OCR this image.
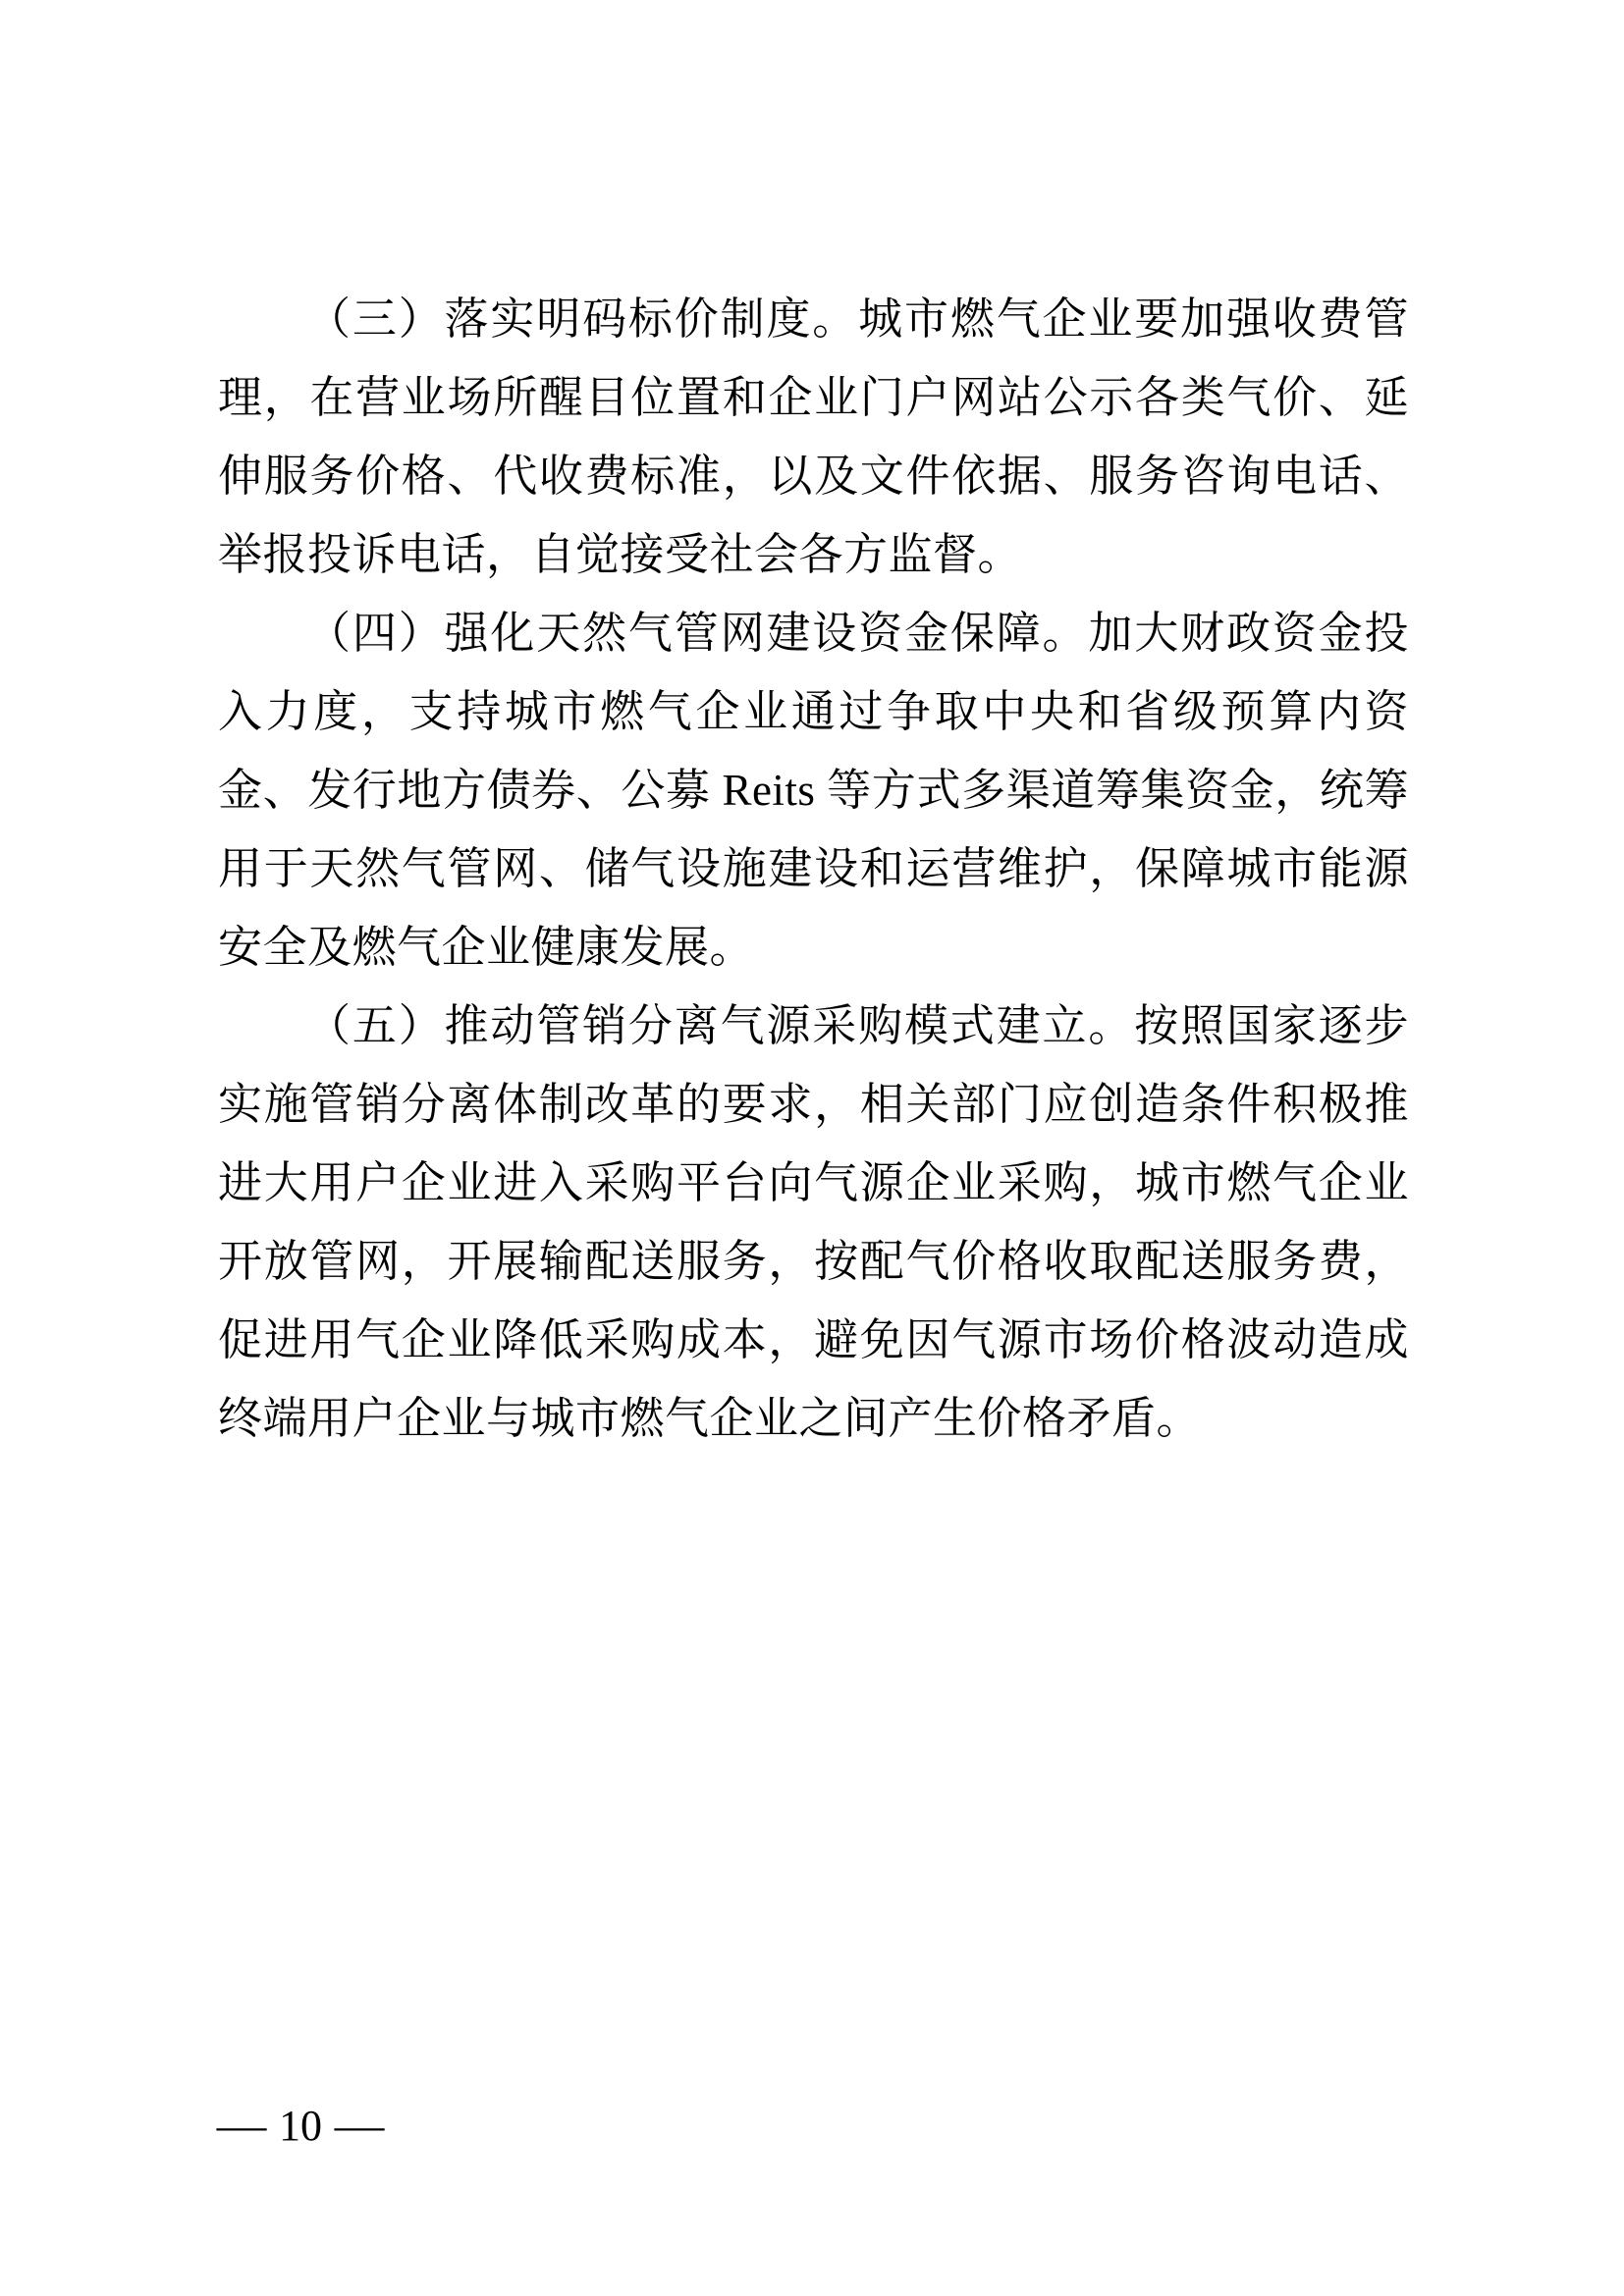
（三）落实明码标价制度。城市燃气企业要加强收费管理，在营业场所醒目位置和企业门户网站公示各类气价、延伸服务价格、代收费标准，以及文件依据、服务咨询电话、举报投诉电话，自觉接受社会各方监督。

（四）强化天然气管网建设资金保障。加大财政资金投入力度，支持城市燃气企业通过争取中央和省级预算内资金、发行地方债券、公募 Reits 等方式多渠道筹集资金，统筹用于天然气管网、储气设施建设和运营维护，保障城市能源安全及燃气企业健康发展。

（五）推动管销分离气源采购模式建立。按照国家逐步实施管销分离体制改革的要求，相关部门应创造条件积极推进大用户企业进入采购平台向气源企业采购，城市燃气企业开放管网，开展输配送服务，按配气价格收取配送服务费，促进用气企业降低采购成本，避免因气源市场价格波动造成终端用户企业与城市燃气企业之间产生价格矛盾。

— 10 —
